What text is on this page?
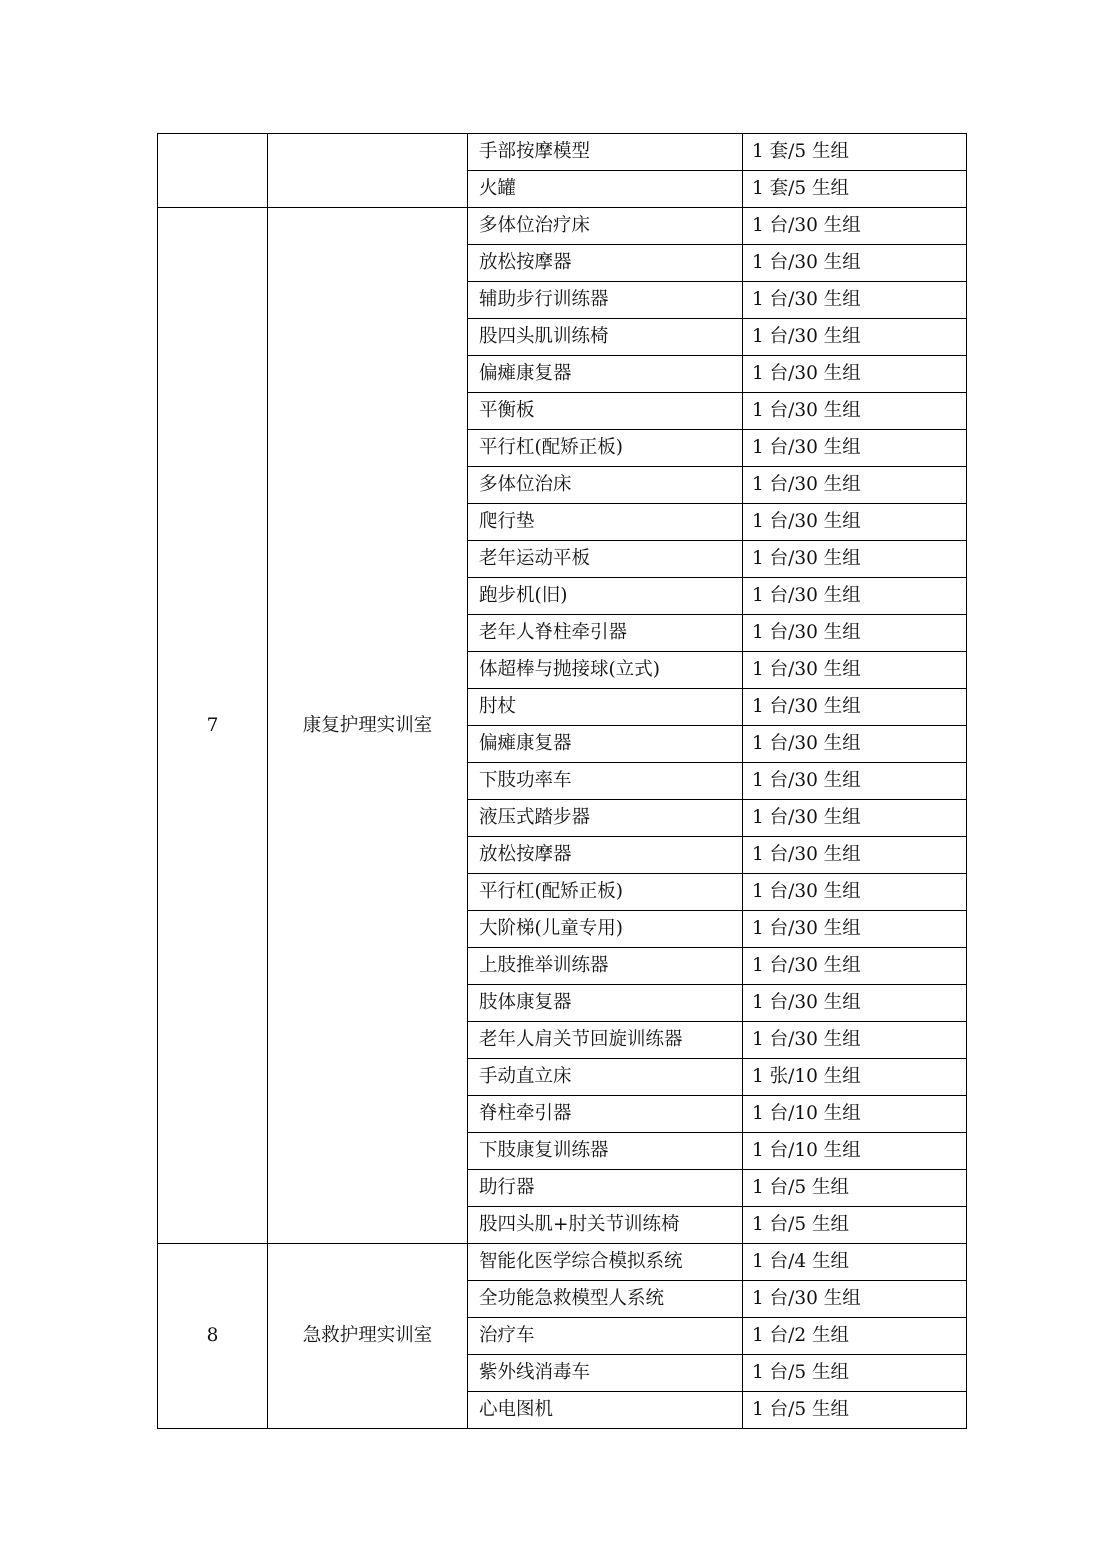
		手部按摩模型	1 套/5 生组
		火罐	1 套/5 生组
7	康复护理实训室	多体位治疗床	1 台/30 生组
		放松按摩器	1 台/30 生组
		辅助步行训练器	1 台/30 生组
		股四头肌训练椅	1 台/30 生组
		偏瘫康复器	1 台/30 生组
		平衡板	1 台/30 生组
		平行杠(配矫正板)	1 台/30 生组
		多体位治床	1 台/30 生组
		爬行垫	1 台/30 生组
		老年运动平板	1 台/30 生组
		跑步机(旧)	1 台/30 生组
		老年人脊柱牵引器	1 台/30 生组
		体超棒与抛接球(立式)	1 台/30 生组
		肘杖	1 台/30 生组
		偏瘫康复器	1 台/30 生组
		下肢功率车	1 台/30 生组
		液压式踏步器	1 台/30 生组
		放松按摩器	1 台/30 生组
		平行杠(配矫正板)	1 台/30 生组
		大阶梯(儿童专用)	1 台/30 生组
		上肢推举训练器	1 台/30 生组
		肢体康复器	1 台/30 生组
		老年人肩关节回旋训练器	1 台/30 生组
		手动直立床	1 张/10 生组
		脊柱牵引器	1 台/10 生组
		下肢康复训练器	1 台/10 生组
		助行器	1 台/5 生组
		股四头肌+肘关节训练椅	1 台/5 生组
8	急救护理实训室	智能化医学综合模拟系统	1 台/4 生组
		全功能急救模型人系统	1 台/30 生组
		治疗车	1 台/2 生组
		紫外线消毒车	1 台/5 生组
		心电图机	1 台/5 生组
